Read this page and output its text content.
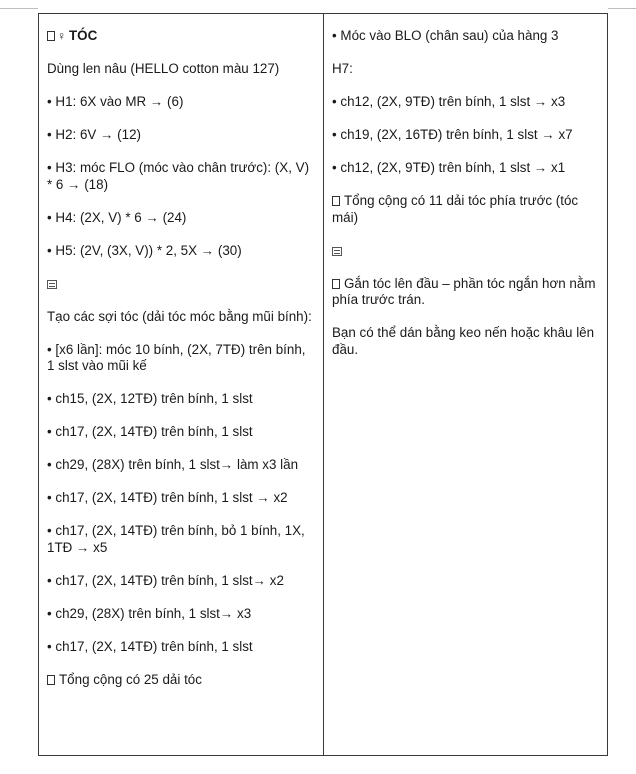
♀ TÓC
Dùng len nâu (HELLO cotton màu 127)
• H1: 6X vào MR → (6)
• H2: 6V → (12)
• H3: móc FLO (móc vào chân trước): (X, V) * 6 → (18)
• H4: (2X, V) * 6 → (24)
• H5: (2V, (3X, V)) * 2, 5X → (30)
Tạo các sợi tóc (dải tóc móc bằng mũi bính):
• [x6 lần]: móc 10 bính, (2X, 7TĐ) trên bính, 1 slst vào mũi kế
• ch15, (2X, 12TĐ) trên bính, 1 slst
• ch17, (2X, 14TĐ) trên bính, 1 slst
• ch29, (28X) trên bính, 1 slst→ làm x3 lần
• ch17, (2X, 14TĐ) trên bính, 1 slst → x2
• ch17, (2X, 14TĐ) trên bính, bỏ 1 bính, 1X, 1TĐ → x5
• ch17, (2X, 14TĐ) trên bính, 1 slst→ x2
• ch29, (28X) trên bính, 1 slst→ x3
• ch17, (2X, 14TĐ) trên bính, 1 slst
Tổng cộng có 25 dải tóc
• Móc vào BLO (chân sau) của hàng 3
H7:
• ch12, (2X, 9TĐ) trên bính, 1 slst → x3
• ch19, (2X, 16TĐ) trên bính, 1 slst → x7
• ch12, (2X, 9TĐ) trên bính, 1 slst → x1
Tổng cộng có 11 dải tóc phía trước (tóc mái)
Gắn tóc lên đầu – phần tóc ngắn hơn nằm phía trước trán.
Bạn có thể dán bằng keo nến hoặc khâu lên đầu.
